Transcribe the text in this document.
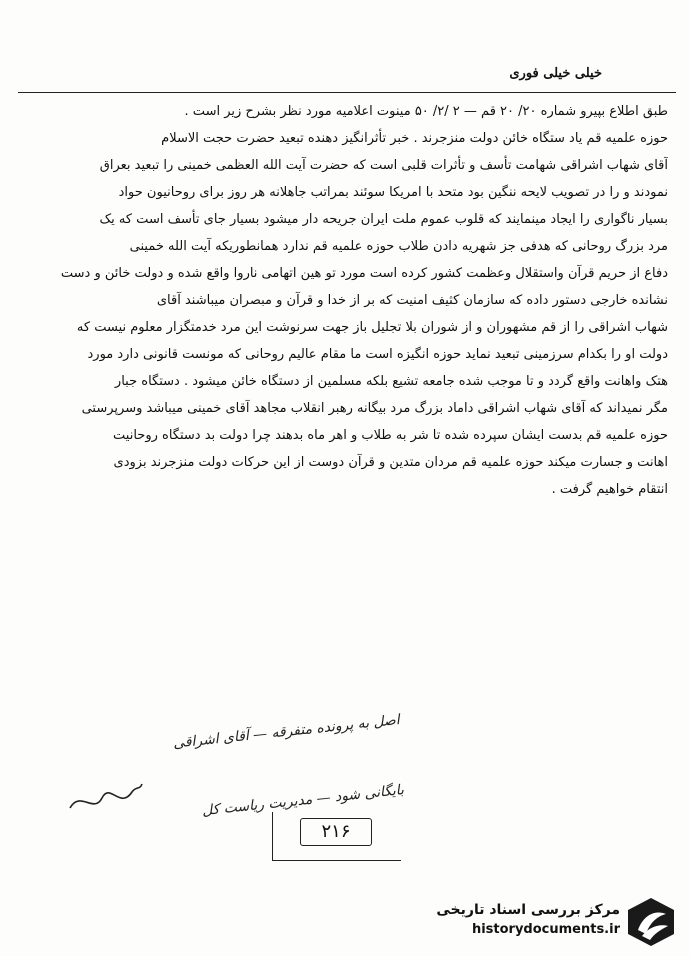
خیلی خیلی فوری
طبق اطلاع بپیرو شماره ۲۰/ ۲۰ قم — ۲ /۲/ ۵۰ مینوت اعلامیه مورد نظر بشرح زیر است .
حوزه علمیه قم یاد ستگاه خائن دولت منزجرند . خبر تأثرانگیز دهنده تبعید حضرت حجت الاسلام
آقای شهاب اشراقی شهامت تأسف و تأثرات قلبی است که حضرت آیت الله العظمی خمینی را تبعید بعراق
نمودند و را در تصویب لایحه ننگین بود متحد با امریکا سوئند بمراتب جاهلانه هر روز برای روحانیون حواد
بسیار ناگواری را ایجاد مینمایند که قلوب عموم ملت ایران جریحه دار میشود بسیار جای تأسف است که یک
مرد بزرگ روحانی که هدفی جز شهریه دادن طلاب حوزه علمیه قم ندارد همانطوریکه آیت الله خمینی
دفاع از حریم قرآن واستقلال وعظمت کشور کرده است مورد تو هین اتهامی ناروا واقع شده و دولت خائن و دست
نشانده خارجی دستور داده که سازمان کثیف امنیت که بر از خدا و قرآن و مبصران میباشند آقای
شهاب اشراقی را از قم مشهوران و از شوران بلا تجلیل باز جهت سرنوشت این مرد خدمتگزار معلوم نیست که
دولت او را بکدام سرزمینی تبعید نماید حوزه انگیزه است ما مقام عالیم روحانی که مونست قانونی دارد مورد
هتک واهانت واقع گردد و تا موجب شده جامعه تشیع بلکه مسلمین از دستگاه خائن میشود . دستگاه جبار
مگر نمیداند که آقای شهاب اشراقی داماد بزرگ مرد بیگانه رهبر انقلاب مجاهد آقای خمینی میباشد وسرپرستی
حوزه علمیه قم بدست ایشان سپرده شده تا شر به طلاب و اهر ماه بدهند چرا دولت بد دستگاه روحانیت
اهانت و جسارت میکند حوزه علمیه قم مردان متدین و قرآن دوست از این حرکات دولت منزجرند بزودی
انتقام خواهیم گرفت .
اصل به پرونده متفرقه — آقای اشراقی
بایگانی شود — مدیریت ریاست کل
۲۱۶
مرکز بررسی اسناد تاریخی
historydocuments.ir
